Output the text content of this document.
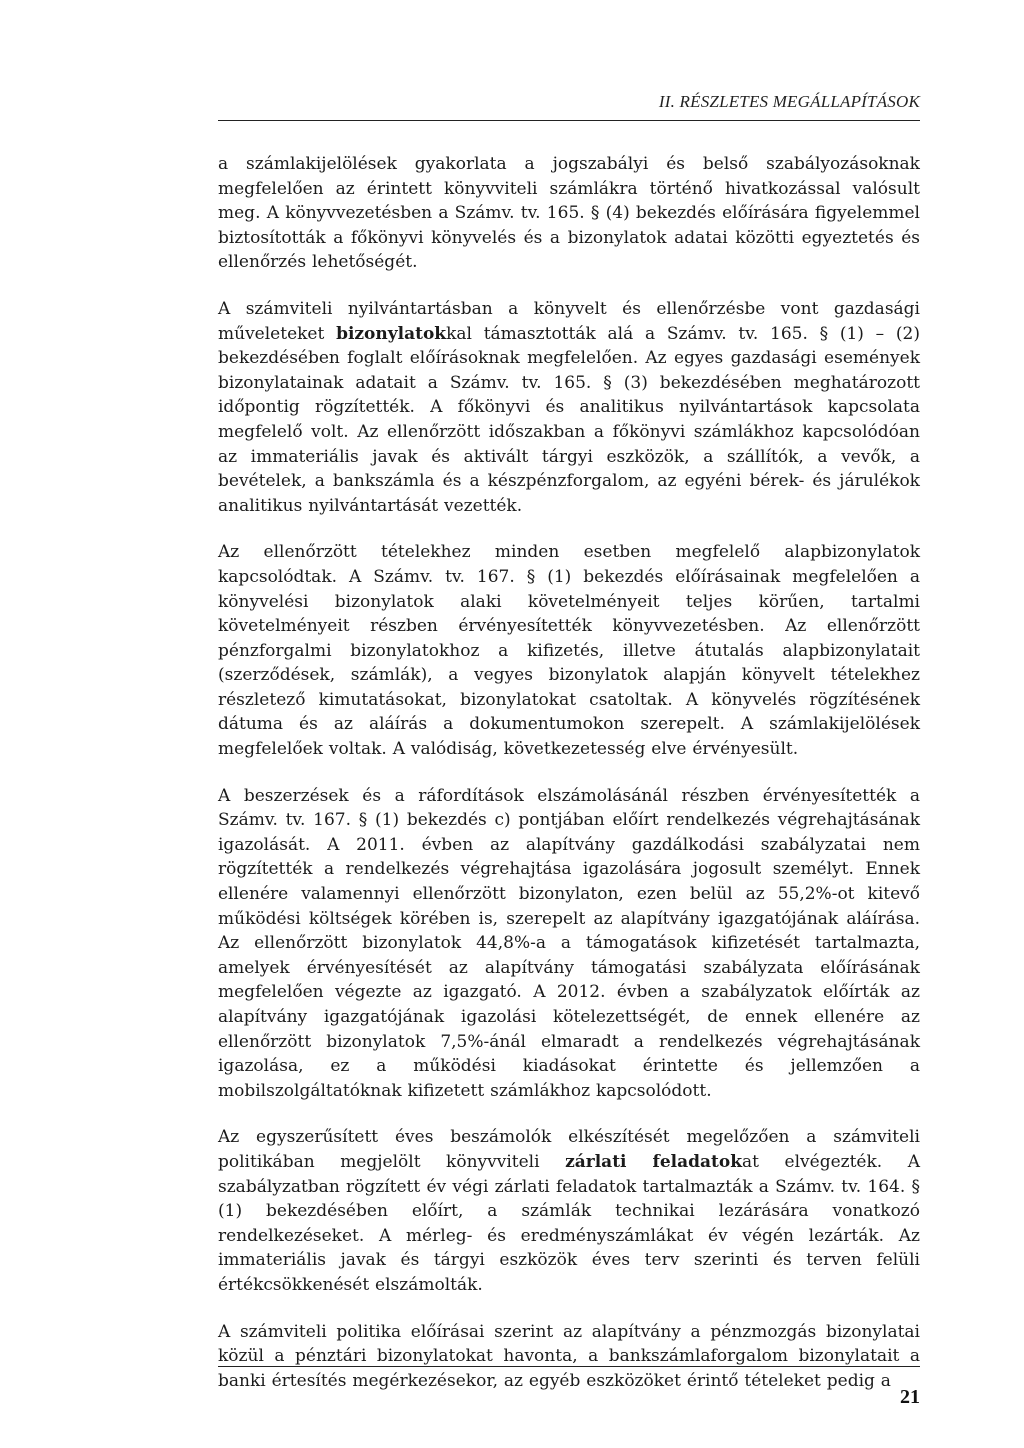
II. RÉSZLETES MEGÁLLAPÍTÁSOK

a számlakijelölések gyakorlata a jogszabályi és belső szabályozásoknak megfelelően az érintett könyvviteli számlákra történő hivatkozással valósult meg. A könyvvezetésben a Számv. tv. 165. § (4) bekezdés előírására figyelemmel biztosították a főkönyvi könyvelés és a bizonylatok adatai közötti egyeztetés és ellenőrzés lehetőségét.

A számviteli nyilvántartásban a könyvelt és ellenőrzésbe vont gazdasági műveleteket bizonylatokkal támasztották alá a Számv. tv. 165. § (1) – (2) bekezdésében foglalt előírásoknak megfelelően. Az egyes gazdasági események bizonylatainak adatait a Számv. tv. 165. § (3) bekezdésében meghatározott időpontig rögzítették. A főkönyvi és analitikus nyilvántartások kapcsolata megfelelő volt. Az ellenőrzött időszakban a főkönyvi számlákhoz kapcsolódóan az immateriális javak és aktivált tárgyi eszközök, a szállítók, a vevők, a bevételek, a bankszámla és a készpénzforgalom, az egyéni bérek- és járulékok analitikus nyilvántartását vezették.

Az ellenőrzött tételekhez minden esetben megfelelő alapbizonylatok kapcsolódtak. A Számv. tv. 167. § (1) bekezdés előírásainak megfelelően a könyvelési bizonylatok alaki követelményeit teljes körűen, tartalmi követelményeit részben érvényesítették könyvvezetésben. Az ellenőrzött pénzforgalmi bizonylatokhoz a kifizetés, illetve átutalás alapbizonylatait (szerződések, számlák), a vegyes bizonylatok alapján könyvelt tételekhez részletező kimutatásokat, bizonylatokat csatoltak. A könyvelés rögzítésének dátuma és az aláírás a dokumentumokon szerepelt. A számlakijelölések megfelelőek voltak. A valódiság, következetesség elve érvényesült.

A beszerzések és a ráfordítások elszámolásánál részben érvényesítették a Számv. tv. 167. § (1) bekezdés c) pontjában előírt rendelkezés végrehajtásának igazolását. A 2011. évben az alapítvány gazdálkodási szabályzatai nem rögzítették a rendelkezés végrehajtása igazolására jogosult személyt. Ennek ellenére valamennyi ellenőrzött bizonylaton, ezen belül az 55,2%-ot kitevő működési költségek körében is, szerepelt az alapítvány igazgatójának aláírása. Az ellenőrzött bizonylatok 44,8%-a a támogatások kifizetését tartalmazta, amelyek érvényesítését az alapítvány támogatási szabályzata előírásának megfelelően végezte az igazgató. A 2012. évben a szabályzatok előírták az alapítvány igazgatójának igazolási kötelezettségét, de ennek ellenére az ellenőrzött bizonylatok 7,5%-ánál elmaradt a rendelkezés végrehajtásának igazolása, ez a működési kiadásokat érintette és jellemzően a mobilszolgáltatóknak kifizetett számlákhoz kapcsolódott.

Az egyszerűsített éves beszámolók elkészítését megelőzően a számviteli politikában megjelölt könyvviteli zárlati feladatokat elvégezték. A szabályzatban rögzített év végi zárlati feladatok tartalmazták a Számv. tv. 164. § (1) bekezdésében előírt, a számlák technikai lezárására vonatkozó rendelkezéseket. A mérleg- és eredményszámlákat év végén lezárták. Az immateriális javak és tárgyi eszközök éves terv szerinti és terven felüli értékcsökkenését elszámolták.

A számviteli politika előírásai szerint az alapítvány a pénzmozgás bizonylatai közül a pénztári bizonylatokat havonta, a bankszámlaforgalom bizonylatait a banki értesítés megérkezésekor, az egyéb eszközöket érintő tételeket pedig a

21
